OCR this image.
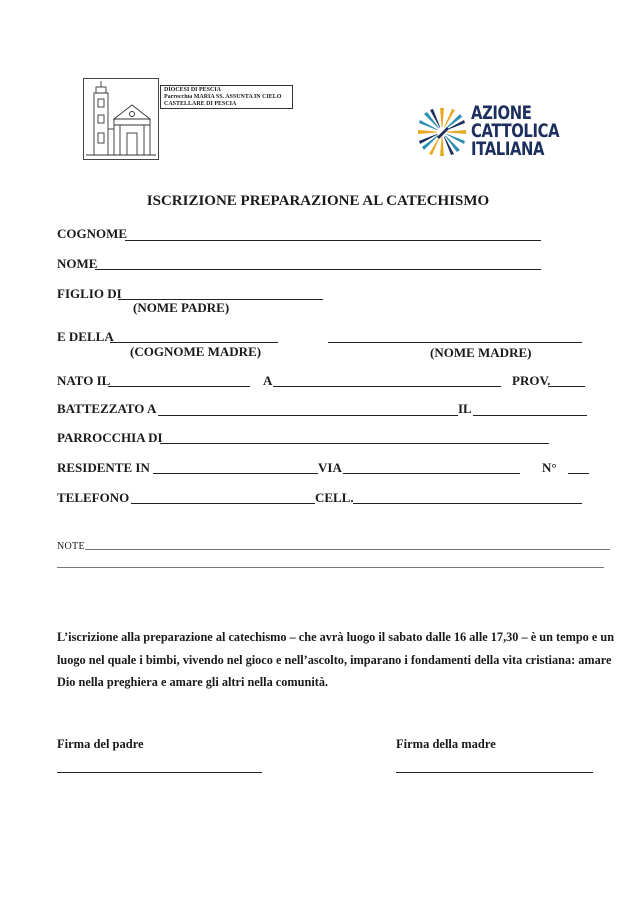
DIOCESI DI PESCIA
Parrocchia MARIA SS. ASSUNTA IN CIELO
CASTELLARE DI PESCIA	AZIONE
CATTOLICA
ITALIANA
ISCRIZIONE PREPARAZIONE AL CATECHISMO
COGNOME
NOME
FIGLIO DI
(NOME PADRE)
E DELLA
(COGNOME MADRE)	(NOME MADRE)
NATO IL	A	PROV.
BATTEZZATO A	IL
PARROCCHIA DI
RESIDENTE IN	VIA	N°
TELEFONO	CELL.
NOTE
L’iscrizione alla preparazione al catechismo – che avrà luogo il sabato dalle 16 alle 17,30 – è un tempo e un luogo nel quale i bimbi, vivendo nel gioco e nell’ascolto, imparano i fondamenti della vita cristiana: amare Dio nella preghiera e amare gli altri nella comunità.
Firma del padre	Firma della madre
